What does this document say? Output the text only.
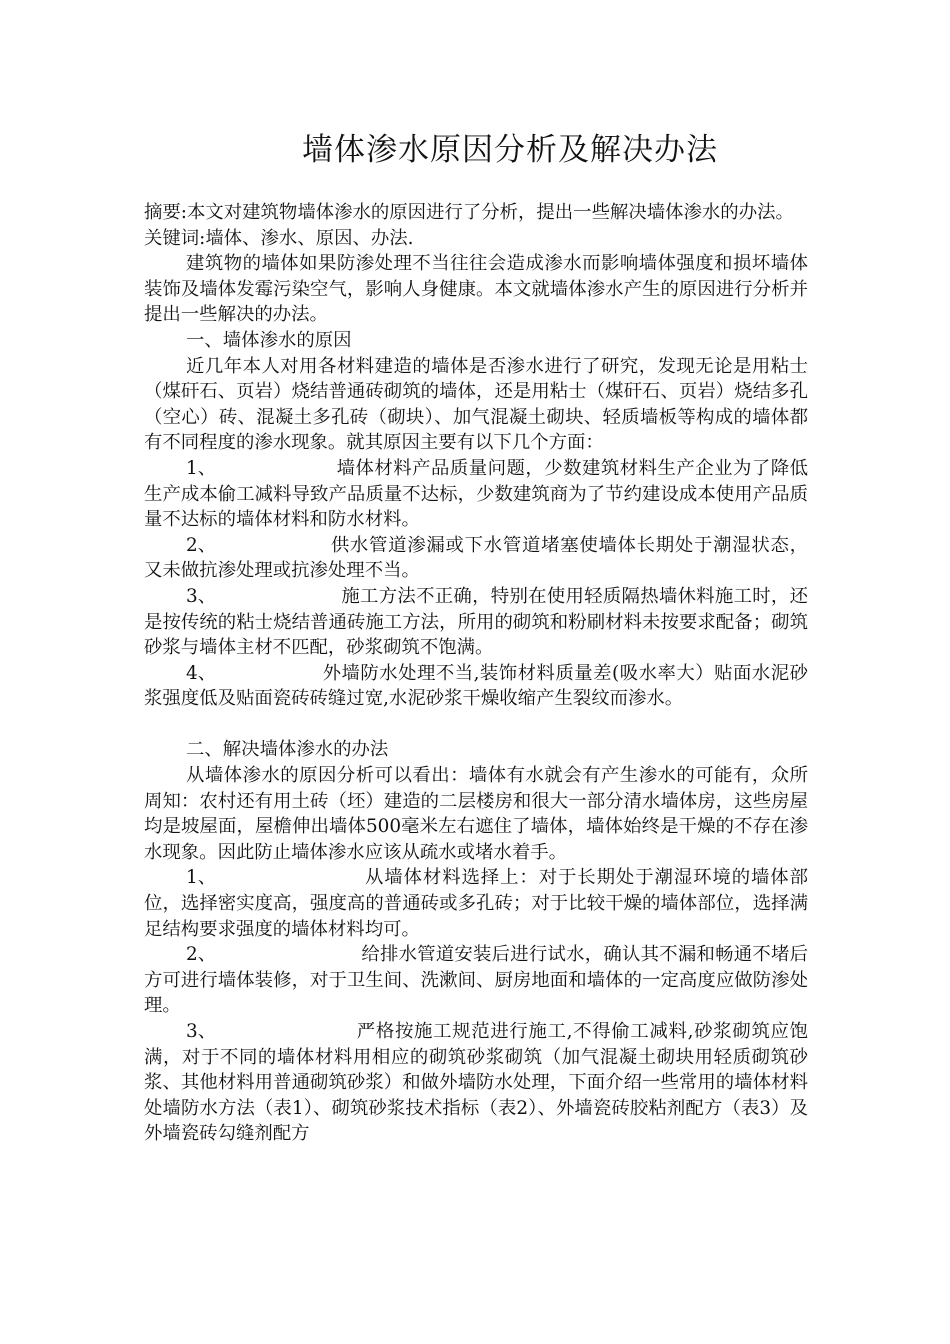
墙体渗水原因分析及解决办法

摘要:本文对建筑物墙体渗水的原因进行了分析，提出一些解决墙体渗水的办法。

关键词:墙体、渗水、原因、办法.

建筑物的墙体如果防渗处理不当往往会造成渗水而影响墙体强度和损坏墙体装饰及墙体发霉污染空气，影响人身健康。本文就墙体渗水产生的原因进行分析并提出一些解决的办法。

一、墙体渗水的原因

近几年本人对用各材料建造的墙体是否渗水进行了研究，发现无论是用粘士（煤矸石、页岩）烧结普通砖砌筑的墙体，还是用粘士（煤矸石、页岩）烧结多孔（空心）砖、混凝土多孔砖（砌块）、加气混凝土砌块、轻质墙板等构成的墙体都有不同程度的渗水现象。就其原因主要有以下几个方面：

1、	墙体材料产品质量问题，少数建筑材料生产企业为了降低生产成本偷工减料导致产品质量不达标，少数建筑商为了节约建设成本使用产品质量不达标的墙体材料和防水材料。

2、	供水管道渗漏或下水管道堵塞使墙体长期处于潮湿状态，又未做抗渗处理或抗渗处理不当。

3、	施工方法不正确，特别在使用轻质隔热墙休料施工时，还是按传统的粘士烧结普通砖施工方法，所用的砌筑和粉刷材料未按要求配备；砌筑砂浆与墙体主材不匹配，砂浆砌筑不饱满。

4、	外墙防水处理不当,装饰材料质量差(吸水率大）贴面水泥砂浆强度低及贴面瓷砖砖缝过宽,水泥砂浆干燥收缩产生裂纹而渗水。

二、解决墙体渗水的办法

从墙体渗水的原因分析可以看出：墙体有水就会有产生渗水的可能有，众所周知：农村还有用土砖（坯）建造的二层楼房和很大一部分清水墙体房，这些房屋均是坡屋面，屋檐伸出墙体500毫米左右遮住了墙体，墙体始终是干燥的不存在渗水现象。因此防止墙体渗水应该从疏水或堵水着手。

1、	从墙体材料选择上：对于长期处于潮湿环境的墙体部位，选择密实度高，强度高的普通砖或多孔砖；对于比较干燥的墙体部位，选择满足结构要求强度的墙体材料均可。

2、	给排水管道安装后进行试水，确认其不漏和畅通不堵后方可进行墙体装修，对于卫生间、洗漱间、厨房地面和墙体的一定高度应做防渗处理。

3、	严格按施工规范进行施工,不得偷工减料,砂浆砌筑应饱满，对于不同的墙体材料用相应的砌筑砂浆砌筑（加气混凝土砌块用轻质砌筑砂浆、其他材料用普通砌筑砂浆）和做外墙防水处理，下面介绍一些常用的墙体材料处墙防水方法（表1）、砌筑砂浆技术指标（表2）、外墙瓷砖胶粘剂配方（表3）及外墙瓷砖勾缝剂配方
